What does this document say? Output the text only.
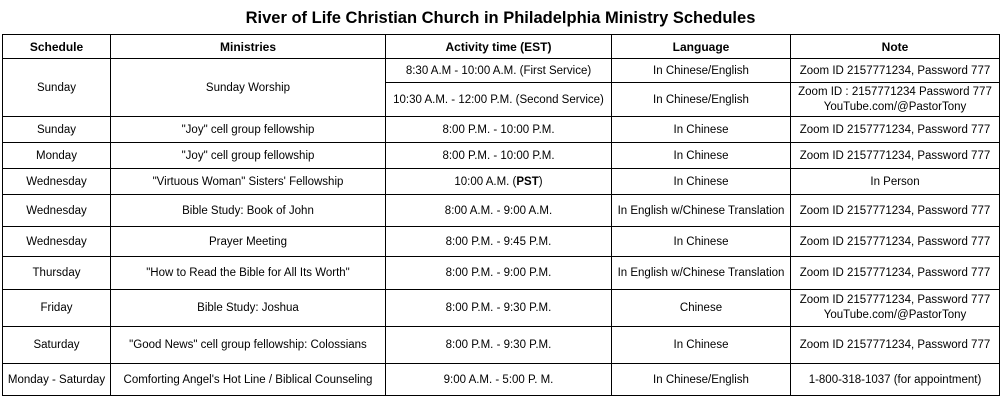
River of Life Christian Church in Philadelphia Ministry Schedules
Schedule	Ministries	Activity time (EST)	Language	Note
Sunday	Sunday Worship	8:30 A.M - 10:00 A.M. (First Service)	In Chinese/English	Zoom ID 2157771234, Password 777
		10:30 A.M. - 12:00 P.M. (Second Service)	In Chinese/English	Zoom ID : 2157771234 Password 777
YouTube.com/@PastorTony

Sunday	"Joy" cell group fellowship	8:00 P.M. - 10:00 P.M.	In Chinese	Zoom ID 2157771234, Password 777
Monday	"Joy" cell group fellowship	8:00 P.M. - 10:00 P.M.	In Chinese	Zoom ID 2157771234, Password 777
Wednesday	"Virtuous Woman" Sisters' Fellowship	10:00 A.M. (PST)	In Chinese	In Person
Wednesday	Bible Study: Book of John	8:00 A.M. - 9:00 A.M.	In English w/Chinese Translation	Zoom ID 2157771234, Password 777
Wednesday	Prayer Meeting	8:00 P.M. - 9:45 P.M.	In Chinese	Zoom ID 2157771234, Password 777
Thursday	"How to Read the Bible for All Its Worth"	8:00 P.M. - 9:00 P.M.	In English w/Chinese Translation	Zoom ID 2157771234, Password 777
Friday	Bible Study: Joshua	8:00 P.M. - 9:30 P.M.	Chinese	Zoom ID 2157771234, Password 777
YouTube.com/@PastorTony

Saturday	"Good News" cell group fellowship: Colossians	8:00 P.M. - 9:30 P.M.	In Chinese	Zoom ID 2157771234, Password 777
Monday - Saturday	Comforting Angel's Hot Line / Biblical Counseling	9:00 A.M. - 5:00 P. M.	In Chinese/English	1-800-318-1037 (for appointment)
